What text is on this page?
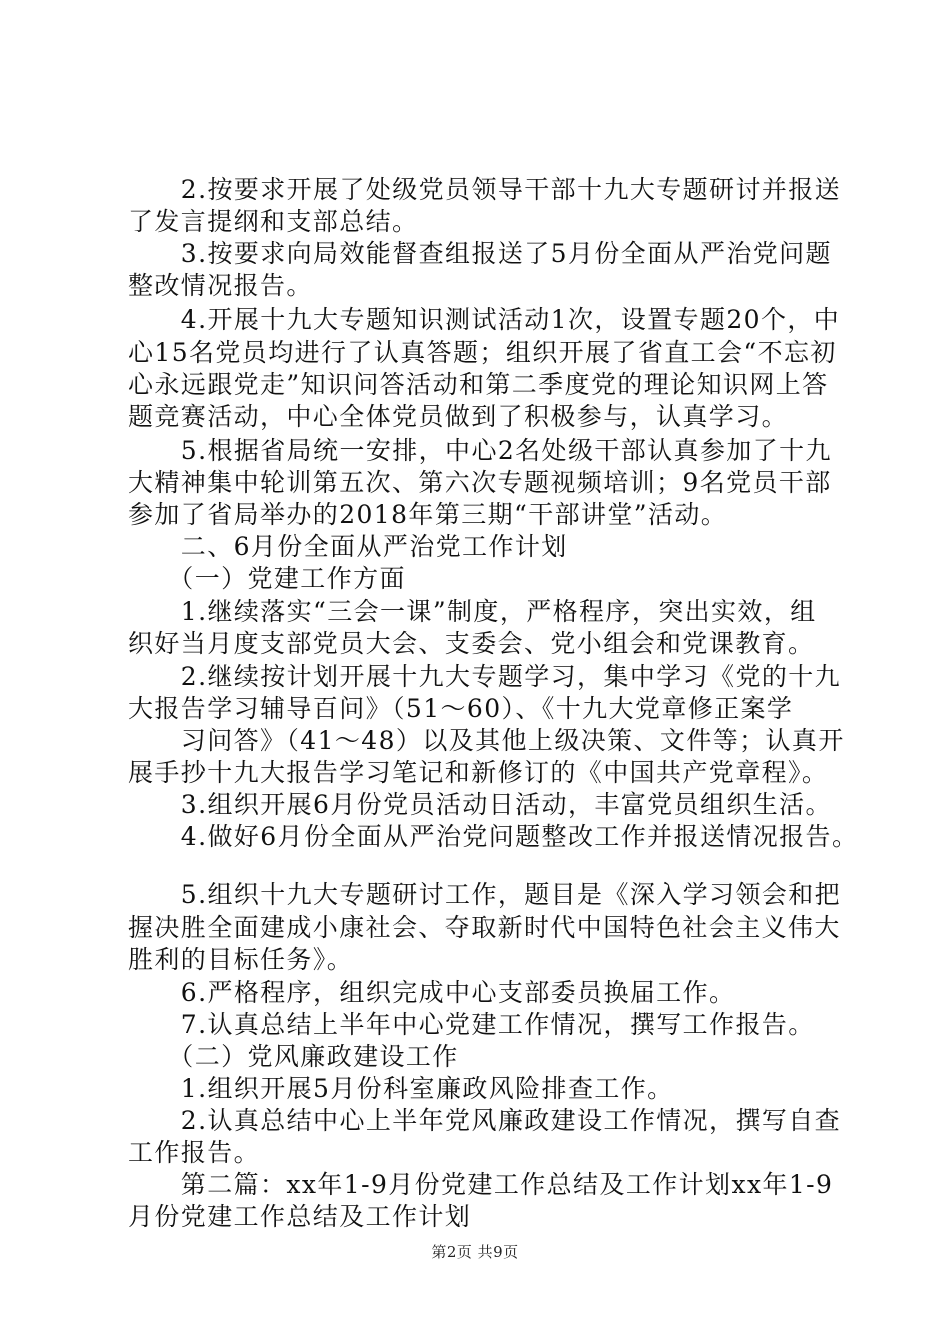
　　2.按要求开展了处级党员领导干部十九大专题研讨并报送
了发言提纲和支部总结。
　　3.按要求向局效能督查组报送了5月份全面从严治党问题
整改情况报告。
　　4.开展十九大专题知识测试活动1次，设置专题20个，中
心15名党员均进行了认真答题；组织开展了省直工会“不忘初
心永远跟党走”知识问答活动和第二季度党的理论知识网上答
题竞赛活动，中心全体党员做到了积极参与，认真学习。
　　5.根据省局统一安排，中心2名处级干部认真参加了十九
大精神集中轮训第五次、第六次专题视频培训；9名党员干部
参加了省局举办的2018年第三期“干部讲堂”活动。
　　二、6月份全面从严治党工作计划
　　（一）党建工作方面
　　1.继续落实“三会一课”制度，严格程序，突出实效，组
织好当月度支部党员大会、支委会、党小组会和党课教育。
　　2.继续按计划开展十九大专题学习，集中学习《党的十九
大报告学习辅导百问》（51～60）、《十九大党章修正案学
　　习问答》（41～48）以及其他上级决策、文件等；认真开
展手抄十九大报告学习笔记和新修订的《中国共产党章程》。
　　3.组织开展6月份党员活动日活动，丰富党员组织生活。
　　4.做好6月份全面从严治党问题整改工作并报送情况报告。
　　5.组织十九大专题研讨工作，题目是《深入学习领会和把
握决胜全面建成小康社会、夺取新时代中国特色社会主义伟大
胜利的目标任务》。
　　6.严格程序，组织完成中心支部委员换届工作。
　　7.认真总结上半年中心党建工作情况，撰写工作报告。
　　（二）党风廉政建设工作
　　1.组织开展5月份科室廉政风险排查工作。
　　2.认真总结中心上半年党风廉政建设工作情况，撰写自查
工作报告。
　　第二篇：xx年1-9月份党建工作总结及工作计划xx年1-9
月份党建工作总结及工作计划
第2页 共9页
